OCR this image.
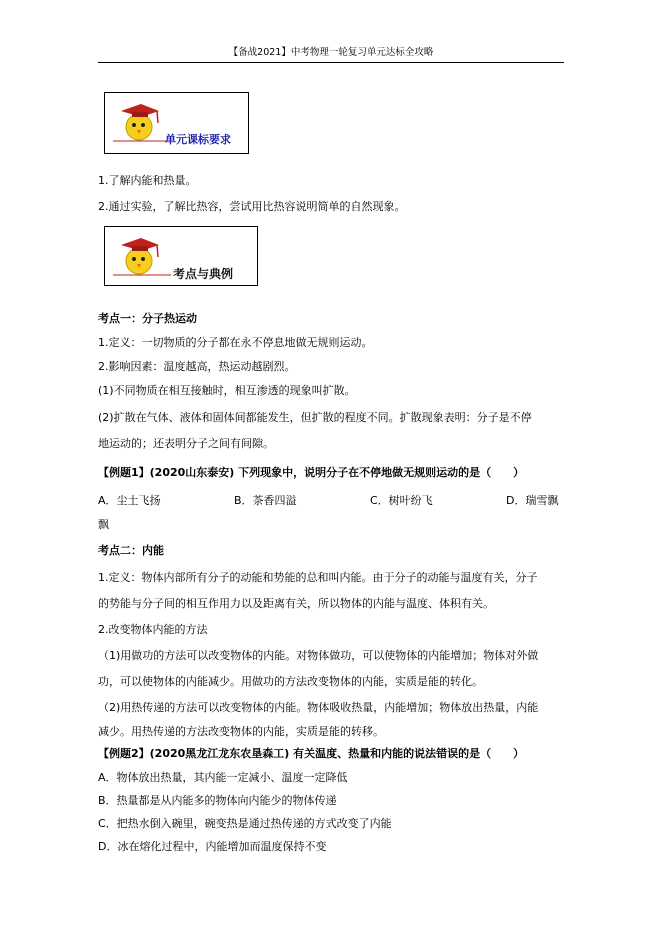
【备战2021】中考物理一轮复习单元达标全攻略
单元课标要求
1.了解内能和热量。
2.通过实验，了解比热容，尝试用比热容说明简单的自然现象。
考点与典例
考点一：分子热运动
1.定义：一切物质的分子都在永不停息地做无规则运动。
2.影响因素：温度越高，热运动越剧烈。
(1)不同物质在相互接触时，相互渗透的现象叫扩散。
(2)扩散在气体、液体和固体间都能发生，但扩散的程度不同。扩散现象表明：分子是不停
地运动的；还表明分子之间有间隙。
【例题1】(2020山东泰安) 下列现象中，说明分子在不停地做无规则运动的是（　　）
A．尘土飞扬	B．茶香四溢	C．树叶纷飞	D．瑞雪飘
飘
考点二：内能
1.定义：物体内部所有分子的动能和势能的总和叫内能。由于分子的动能与温度有关，分子
的势能与分子间的相互作用力以及距离有关，所以物体的内能与温度、体积有关。
2.改变物体内能的方法
（1)用做功的方法可以改变物体的内能。对物体做功，可以使物体的内能增加；物体对外做
功，可以使物体的内能减少。用做功的方法改变物体的内能，实质是能的转化。
（2)用热传递的方法可以改变物体的内能。物体吸收热量，内能增加；物体放出热量，内能
减少。用热传递的方法改变物体的内能，实质是能的转移。
【例题2】(2020黑龙江龙东农垦森工) 有关温度、热量和内能的说法错误的是（　　）
A．物体放出热量，其内能一定减小、温度一定降低
B．热量都是从内能多的物体向内能少的物体传递
C．把热水倒入碗里，碗变热是通过热传递的方式改变了内能
D．冰在熔化过程中，内能增加而温度保持不变
